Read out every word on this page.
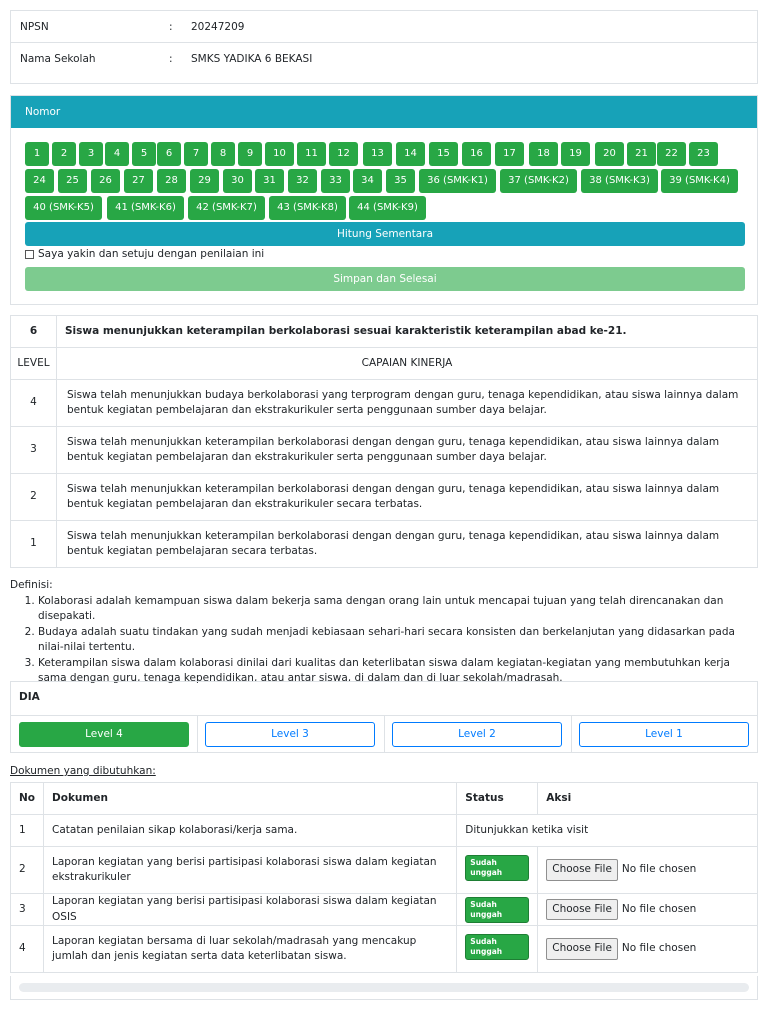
NPSN	: 20247209
Nama Sekolah	: SMKS YADIKA 6 BEKASI
Nomor
1	2	3	4	5	6	7	8	9	10	11	12	13	14	15	16	17	18	19	20	21	22	23
24	25	26	27	28	29	30	31	32	33	34	35	36 (SMK-K1)	37 (SMK-K2)	38 (SMK-K3)	39 (SMK-K4)
40 (SMK-K5)	41 (SMK-K6)	42 (SMK-K7)	43 (SMK-K8)	44 (SMK-K9)
Hitung Sementara
Saya yakin dan setuju dengan penilaian ini
Simpan dan Selesai
6	Siswa menunjukkan keterampilan berkolaborasi sesuai karakteristik keterampilan abad ke-21.
LEVEL	CAPAIAN KINERJA
4	Siswa telah menunjukkan budaya berkolaborasi yang terprogram dengan guru, tenaga kependidikan, atau siswa lainnya dalam bentuk kegiatan pembelajaran dan ekstrakurikuler serta penggunaan sumber daya belajar.
3	Siswa telah menunjukkan keterampilan berkolaborasi dengan dengan guru, tenaga kependidikan, atau siswa lainnya dalam bentuk kegiatan pembelajaran dan ekstrakurikuler serta penggunaan sumber daya belajar.
2	Siswa telah menunjukkan keterampilan berkolaborasi dengan dengan guru, tenaga kependidikan, atau siswa lainnya dalam bentuk kegiatan pembelajaran dan ekstrakurikuler secara terbatas.
1	Siswa telah menunjukkan keterampilan berkolaborasi dengan dengan guru, tenaga kependidikan, atau siswa lainnya dalam bentuk kegiatan pembelajaran secara terbatas.
Definisi:
1. Kolaborasi adalah kemampuan siswa dalam bekerja sama dengan orang lain untuk mencapai tujuan yang telah direncanakan dan disepakati.
2. Budaya adalah suatu tindakan yang sudah menjadi kebiasaan sehari-hari secara konsisten dan berkelanjutan yang didasarkan pada nilai-nilai tertentu.
3. Keterampilan siswa dalam kolaborasi dinilai dari kualitas dan keterlibatan siswa dalam kegiatan-kegiatan yang membutuhkan kerja sama dengan guru, tenaga kependidikan, atau antar siswa, di dalam dan di luar sekolah/madrasah.
DIA
Level 4	Level 3	Level 2	Level 1
Dokumen yang dibutuhkan:
No	Dokumen	Status	Aksi
1	Catatan penilaian sikap kolaborasi/kerja sama.	Ditunjukkan ketika visit	
2	Laporan kegiatan yang berisi partisipasi kolaborasi siswa dalam kegiatan ekstrakurikuler	Sudah unggah	Choose File No file chosen

3	Laporan kegiatan yang berisi partisipasi kolaborasi siswa dalam kegiatan OSIS	Sudah unggah	Choose File No file chosen

4	Laporan kegiatan bersama di luar sekolah/madrasah yang mencakup jumlah dan jenis kegiatan serta data keterlibatan siswa.	Sudah unggah	Choose File No file chosen
